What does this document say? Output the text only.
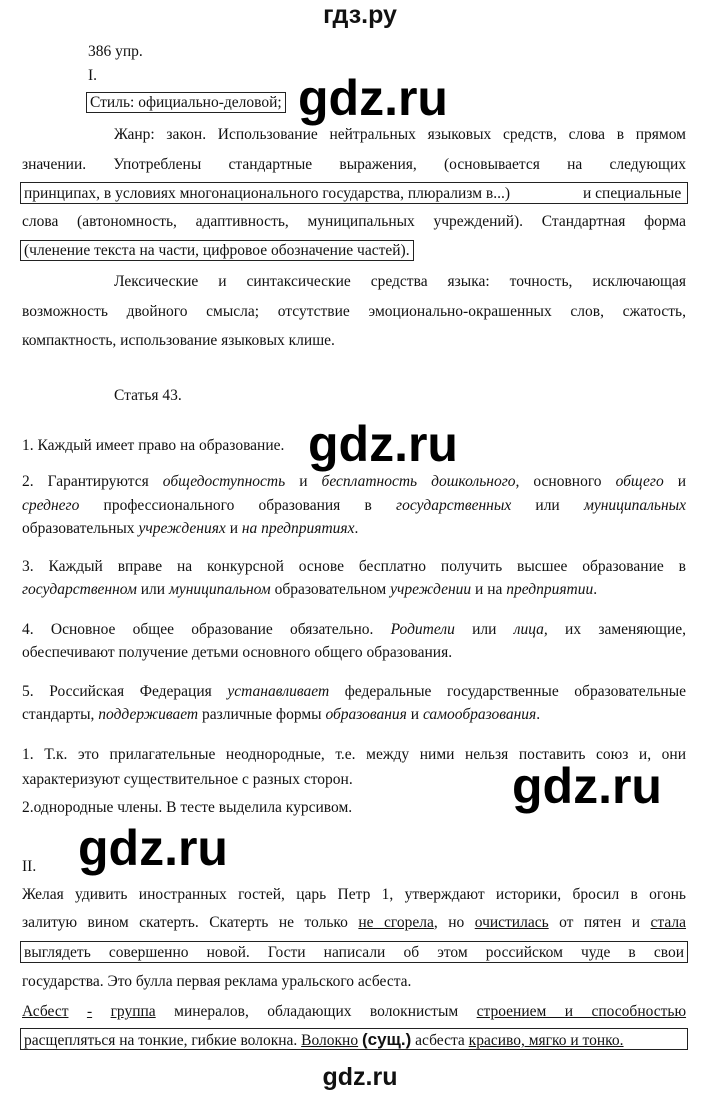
гдз.ру
gdz.ru
gdz.ru
gdz.ru
gdz.ru
386 упр.
I.
Стиль: официально-деловой;
Жанр: закон. Использование нейтральных языковых средств, слова в прямом
значении. Употреблены стандартные выражения, (основывается на следующих
принципах, в условиях многонационального государства, плюрализм в...)	и специальные
слова (автономность, адаптивность, муниципальных учреждений). Стандартная форма
(членение текста на части, цифровое обозначение частей).
Лексические и синтаксические средства языка: точность, исключающая
возможность двойного смысла; отсутствие эмоционально-окрашенных слов, сжатость,
компактность, использование языковых клише.
Статья 43.
1. Каждый имеет право на образование.
2. Гарантируются общедоступность и бесплатность дошкольного, основного общего и
среднего профессионального образования в государственных или муниципальных
образовательных учреждениях и на предприятиях.
3. Каждый вправе на конкурсной основе бесплатно получить высшее образование в
государственном или муниципальном образовательном учреждении и на предприятии.
4. Основное общее образование обязательно. Родители или лица, их заменяющие,
обеспечивают получение детьми основного общего образования.
5. Российская Федерация устанавливает федеральные государственные образовательные
стандарты, поддерживает различные формы образования и самообразования.
1. Т.к. это прилагательные неоднородные, т.е. между ними нельзя поставить союз и, они
характеризуют существительное с разных сторон.
2.однородные члены. В тесте выделила курсивом.
II.
Желая удивить иностранных гостей, царь Петр 1, утверждают историки, бросил в огонь
залитую вином скатерть. Скатерть не только не сгорела, но очистилась от пятен и стала
выглядеть совершенно новой. Гости написали об этом российском чуде в свои
государства. Это булла первая реклама уральского асбеста.
Асбест - группа минералов, обладающих волокнистым строением и способностью
расщепляться на тонкие, гибкие волокна. Волокно (сущ.) асбеста красиво, мягко и тонко.
gdz.ru
